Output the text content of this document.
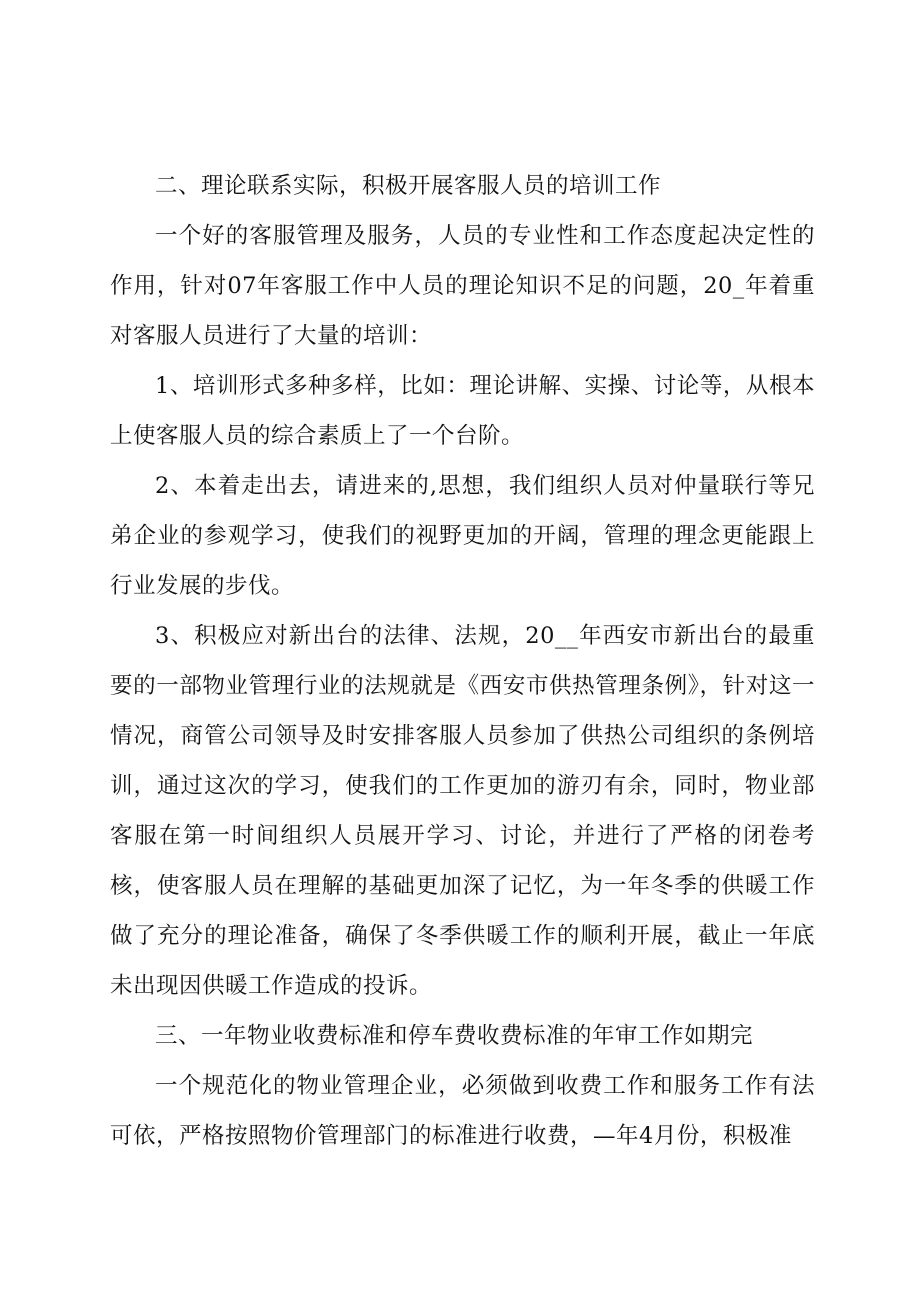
二、理论联系实际，积极开展客服人员的培训工作

一个好的客服管理及服务，人员的专业性和工作态度起决定性的作用，针对07年客服工作中人员的理论知识不足的问题，20_年着重对客服人员进行了大量的培训：

1、培训形式多种多样，比如：理论讲解、实操、讨论等，从根本上使客服人员的综合素质上了一个台阶。

2、本着走出去，请进来的,思想，我们组织人员对仲量联行等兄弟企业的参观学习，使我们的视野更加的开阔，管理的理念更能跟上行业发展的步伐。

3、积极应对新出台的法律、法规，20__年西安市新出台的最重要的一部物业管理行业的法规就是《西安市供热管理条例》，针对这一情况，商管公司领导及时安排客服人员参加了供热公司组织的条例培训，通过这次的学习，使我们的工作更加的游刃有余，同时，物业部客服在第一时间组织人员展开学习、讨论，并进行了严格的闭卷考核，使客服人员在理解的基础更加深了记忆，为一年冬季的供暖工作做了充分的理论准备，确保了冬季供暖工作的顺利开展，截止一年底未出现因供暖工作造成的投诉。

三、一年物业收费标准和停车费收费标准的年审工作如期完

一个规范化的物业管理企业，必须做到收费工作和服务工作有法可依，严格按照物价管理部门的标准进行收费，—年4月份，积极准
